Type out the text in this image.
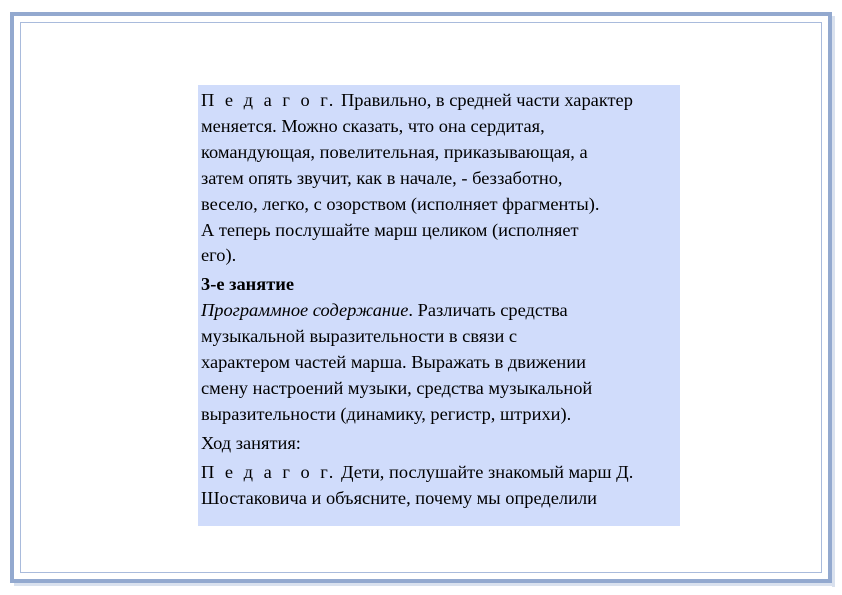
П е д а г о г. Правильно, в средней части характер
меняется. Можно сказать, что она сердитая,
командующая, повелительная, приказывающая, а
затем опять звучит, как в начале, - беззаботно,
весело, легко, с озорством (исполняет фрагменты).
А теперь послушайте марш целиком (исполняет
его).

3-е занятие
Программное содержание. Различать средства
музыкальной выразительности в связи с
характером частей марша. Выражать в движении
смену настроений музыки, средства музыкальной
выразительности (динамику, регистр, штрихи).

Ход занятия:

П е д а г о г. Дети, послушайте знакомый марш Д.
Шостаковича и объясните, почему мы определили
